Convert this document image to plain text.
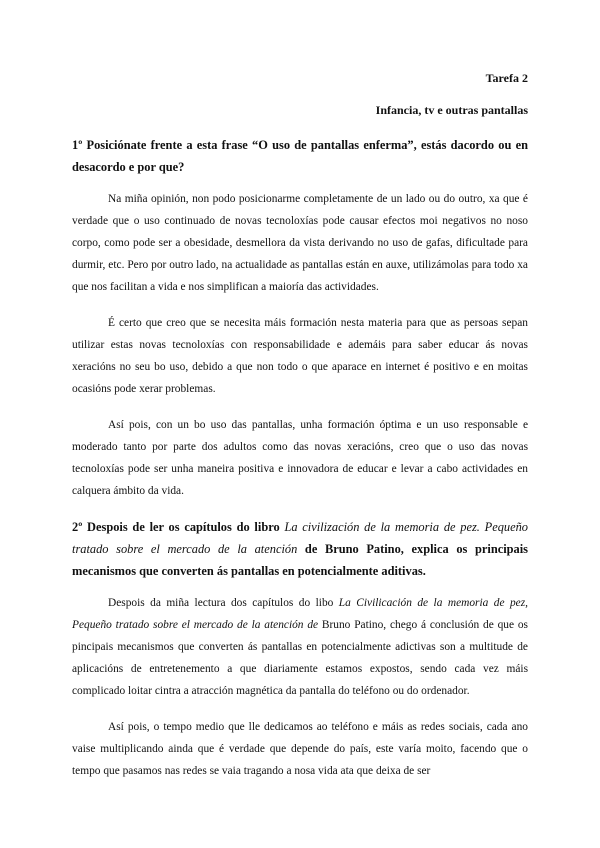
Tarefa 2
Infancia, tv e outras pantallas
1º Posiciónate frente a esta frase “O uso de pantallas enferma”, estás dacordo ou en desacordo e por que?

Na miña opinión, non podo posicionarme completamente de un lado ou do outro, xa que é verdade que o uso continuado de novas tecnoloxías pode causar efectos moi negativos no noso corpo, como pode ser a obesidade, desmellora da vista derivando no uso de gafas, dificultade para durmir, etc. Pero por outro lado, na actualidade as pantallas están en auxe, utilizámolas para todo xa que nos facilitan a vida e nos simplifican a maioría das actividades.

É certo que creo que se necesita máis formación nesta materia para que as persoas sepan utilizar estas novas tecnoloxías con responsabilidade e ademáis para saber educar ás novas xeracións no seu bo uso, debido a que non todo o que aparace en internet é positivo e en moitas ocasións pode xerar problemas.

Así pois, con un bo uso das pantallas, unha formación óptima e un uso responsable e moderado tanto por parte dos adultos como das novas xeracións, creo que o uso das novas tecnoloxías pode ser unha maneira positiva e innovadora de educar e levar a cabo actividades en calquera ámbito da vida.

2º Despois de ler os capítulos do libro La civilización de la memoria de pez. Pequeño tratado sobre el mercado de la atención de Bruno Patino, explica os principais mecanismos que converten ás pantallas en potencialmente aditivas.

Despois da miña lectura dos capítulos do libo La Civilicación de la memoria de pez, Pequeño tratado sobre el mercado de la atención de Bruno Patino, chego á conclusión de que os pincipais mecanismos que converten ás pantallas en potencialmente adictivas son a multitude de aplicacións de entretenemento a que diariamente estamos expostos, sendo cada vez máis complicado loitar cintra a atracción magnética da pantalla do teléfono ou do ordenador.

Así pois, o tempo medio que lle dedicamos ao teléfono e máis as redes sociais, cada ano vaise multiplicando ainda que é verdade que depende do país, este varía moito, facendo que o tempo que pasamos nas redes se vaia tragando a nosa vida ata que deixa de ser
